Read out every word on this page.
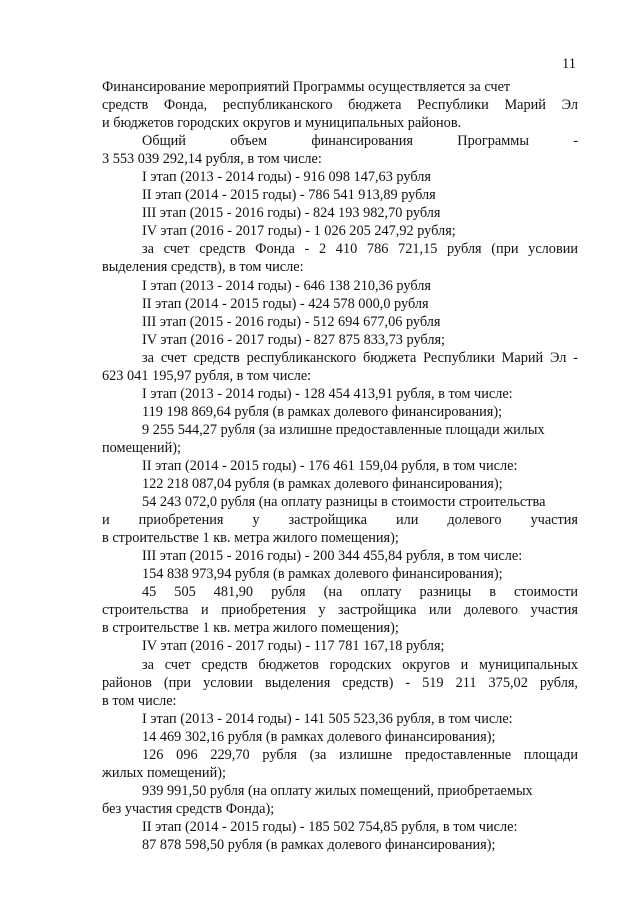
11
Финансирование мероприятий Программы осуществляется за счет
средств Фонда, республиканского бюджета Республики Марий Эл
и бюджетов городских округов и муниципальных районов.
Общий объем финансирования Программы -
3 553 039 292,14 рубля, в том числе:
I этап (2013 - 2014 годы) - 916 098 147,63 рубля
II этап (2014 - 2015 годы) - 786 541 913,89 рубля
III этап (2015 - 2016 годы) - 824 193 982,70 рубля
IV этап (2016 - 2017 годы) - 1 026 205 247,92 рубля;
за счет средств Фонда - 2 410 786 721,15 рубля (при условии
выделения средств), в том числе:
I этап (2013 - 2014 годы) - 646 138 210,36 рубля
II этап (2014 - 2015 годы) - 424 578 000,0 рубля
III этап (2015 - 2016 годы) - 512 694 677,06 рубля
IV этап (2016 - 2017 годы) - 827 875 833,73 рубля;
за счет средств республиканского бюджета Республики Марий Эл -
623 041 195,97 рубля, в том числе:
I этап (2013 - 2014 годы) - 128 454 413,91 рубля, в том числе:
119 198 869,64 рубля (в рамках долевого финансирования);
9 255 544,27 рубля (за излишне предоставленные площади жилых
помещений);
II этап (2014 - 2015 годы) - 176 461 159,04 рубля, в том числе:
122 218 087,04 рубля (в рамках долевого финансирования);
54 243 072,0 рубля (на оплату разницы в стоимости строительства
и приобретения у застройщика или долевого участия
в строительстве 1 кв. метра жилого помещения);
III этап (2015 - 2016 годы) - 200 344 455,84 рубля, в том числе:
154 838 973,94 рубля (в рамках долевого финансирования);
45 505 481,90 рубля (на оплату разницы в стоимости
строительства и приобретения у застройщика или долевого участия
в строительстве 1 кв. метра жилого помещения);
IV этап (2016 - 2017 годы) - 117 781 167,18 рубля;
за счет средств бюджетов городских округов и муниципальных
районов (при условии выделения средств) - 519 211 375,02 рубля,
в том числе:
I этап (2013 - 2014 годы) - 141 505 523,36 рубля, в том числе:
14 469 302,16 рубля (в рамках долевого финансирования);
126 096 229,70 рубля (за излишне предоставленные площади
жилых помещений);
939 991,50 рубля (на оплату жилых помещений, приобретаемых
без участия средств Фонда);
II этап (2014 - 2015 годы) - 185 502 754,85 рубля, в том числе:
87 878 598,50 рубля (в рамках долевого финансирования);
